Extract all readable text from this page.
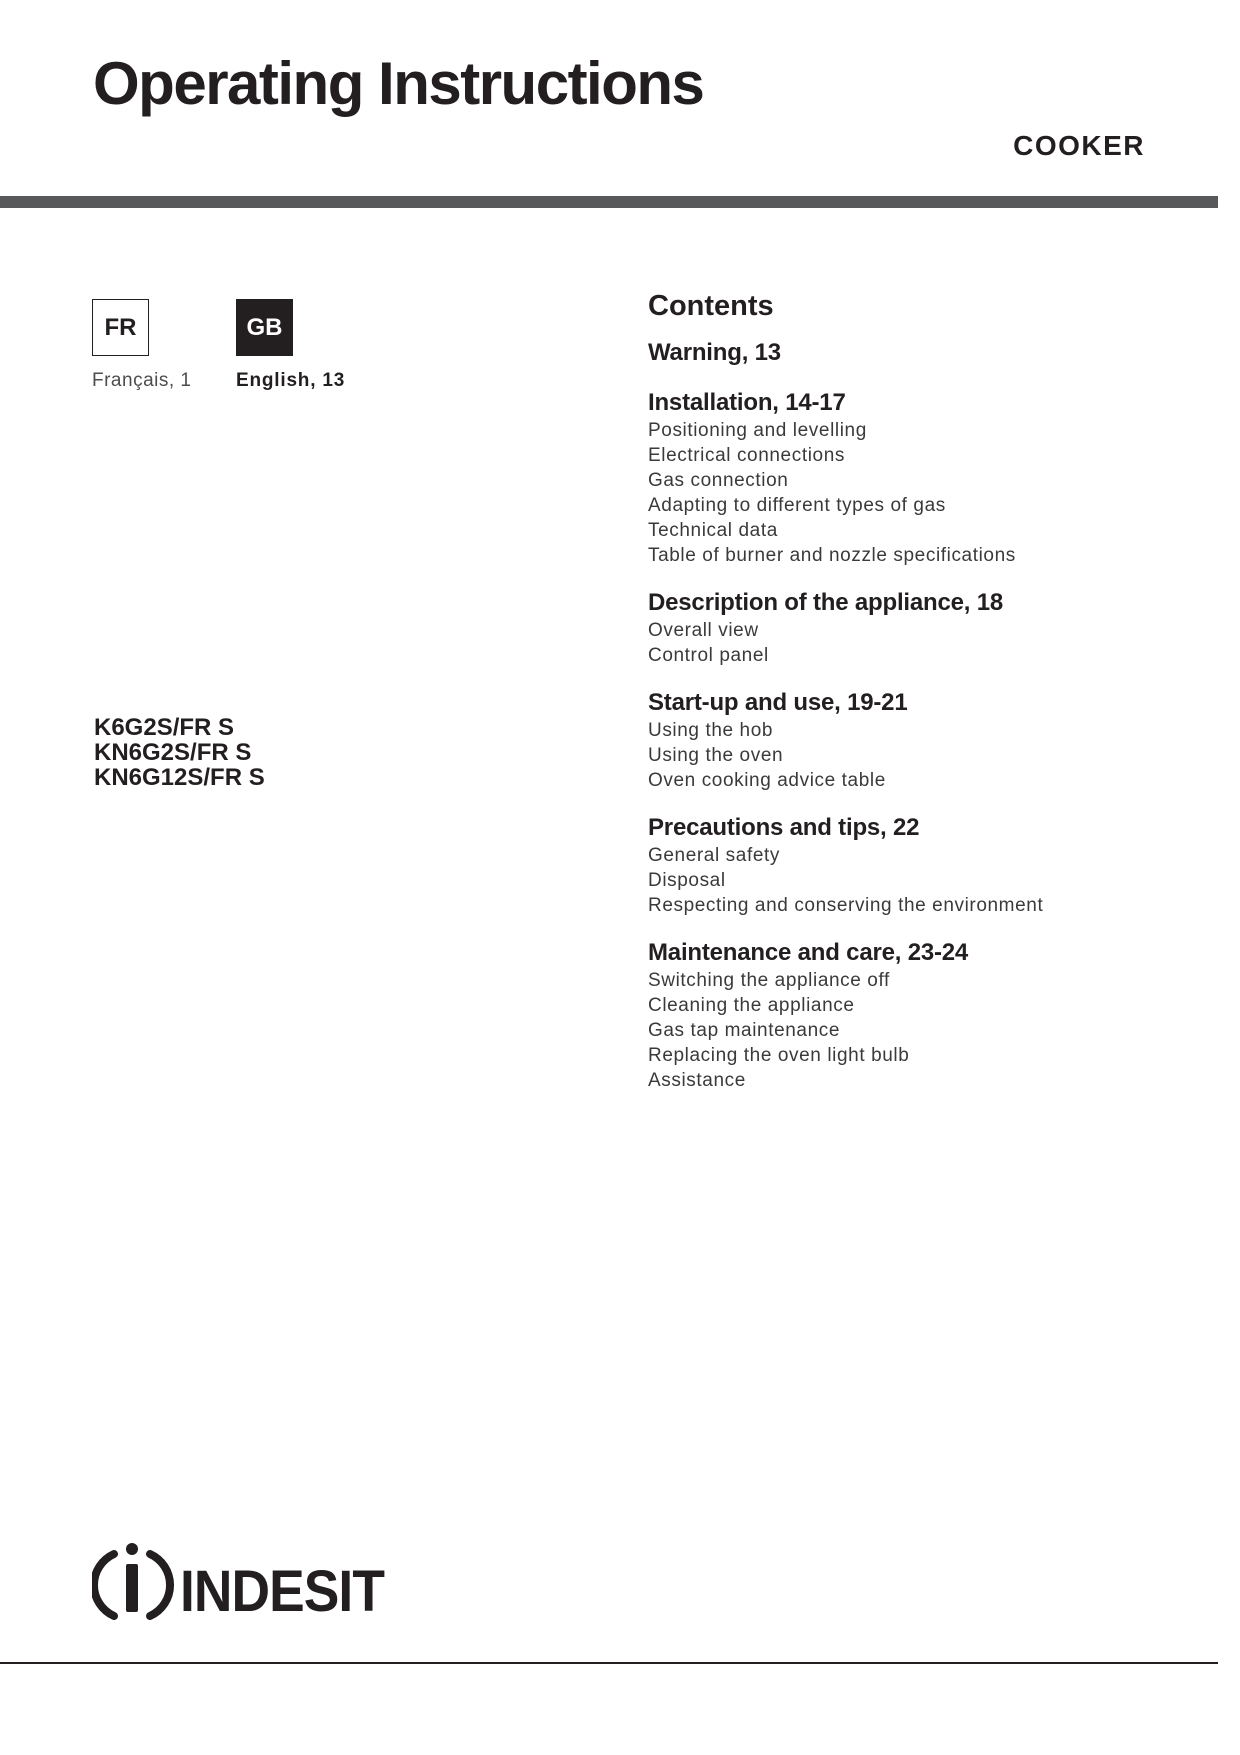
Operating Instructions
COOKER
FR	GB
Français, 1 English, 13
K6G2S/FR S
KN6G2S/FR S
KN6G12S/FR S
Contents
Warning, 13
Installation, 14-17
Positioning and levelling
Electrical connections
Gas connection
Adapting to different types of gas
Technical data
Table of burner and nozzle specifications
Description of the appliance, 18
Overall view
Control panel
Start-up and use, 19-21
Using the hob
Using the oven
Oven cooking advice table
Precautions and tips, 22
General safety
Disposal
Respecting and conserving the environment
Maintenance and care, 23-24
Switching the appliance off
Cleaning the appliance
Gas tap maintenance
Replacing the oven light bulb
Assistance
INDESIT
